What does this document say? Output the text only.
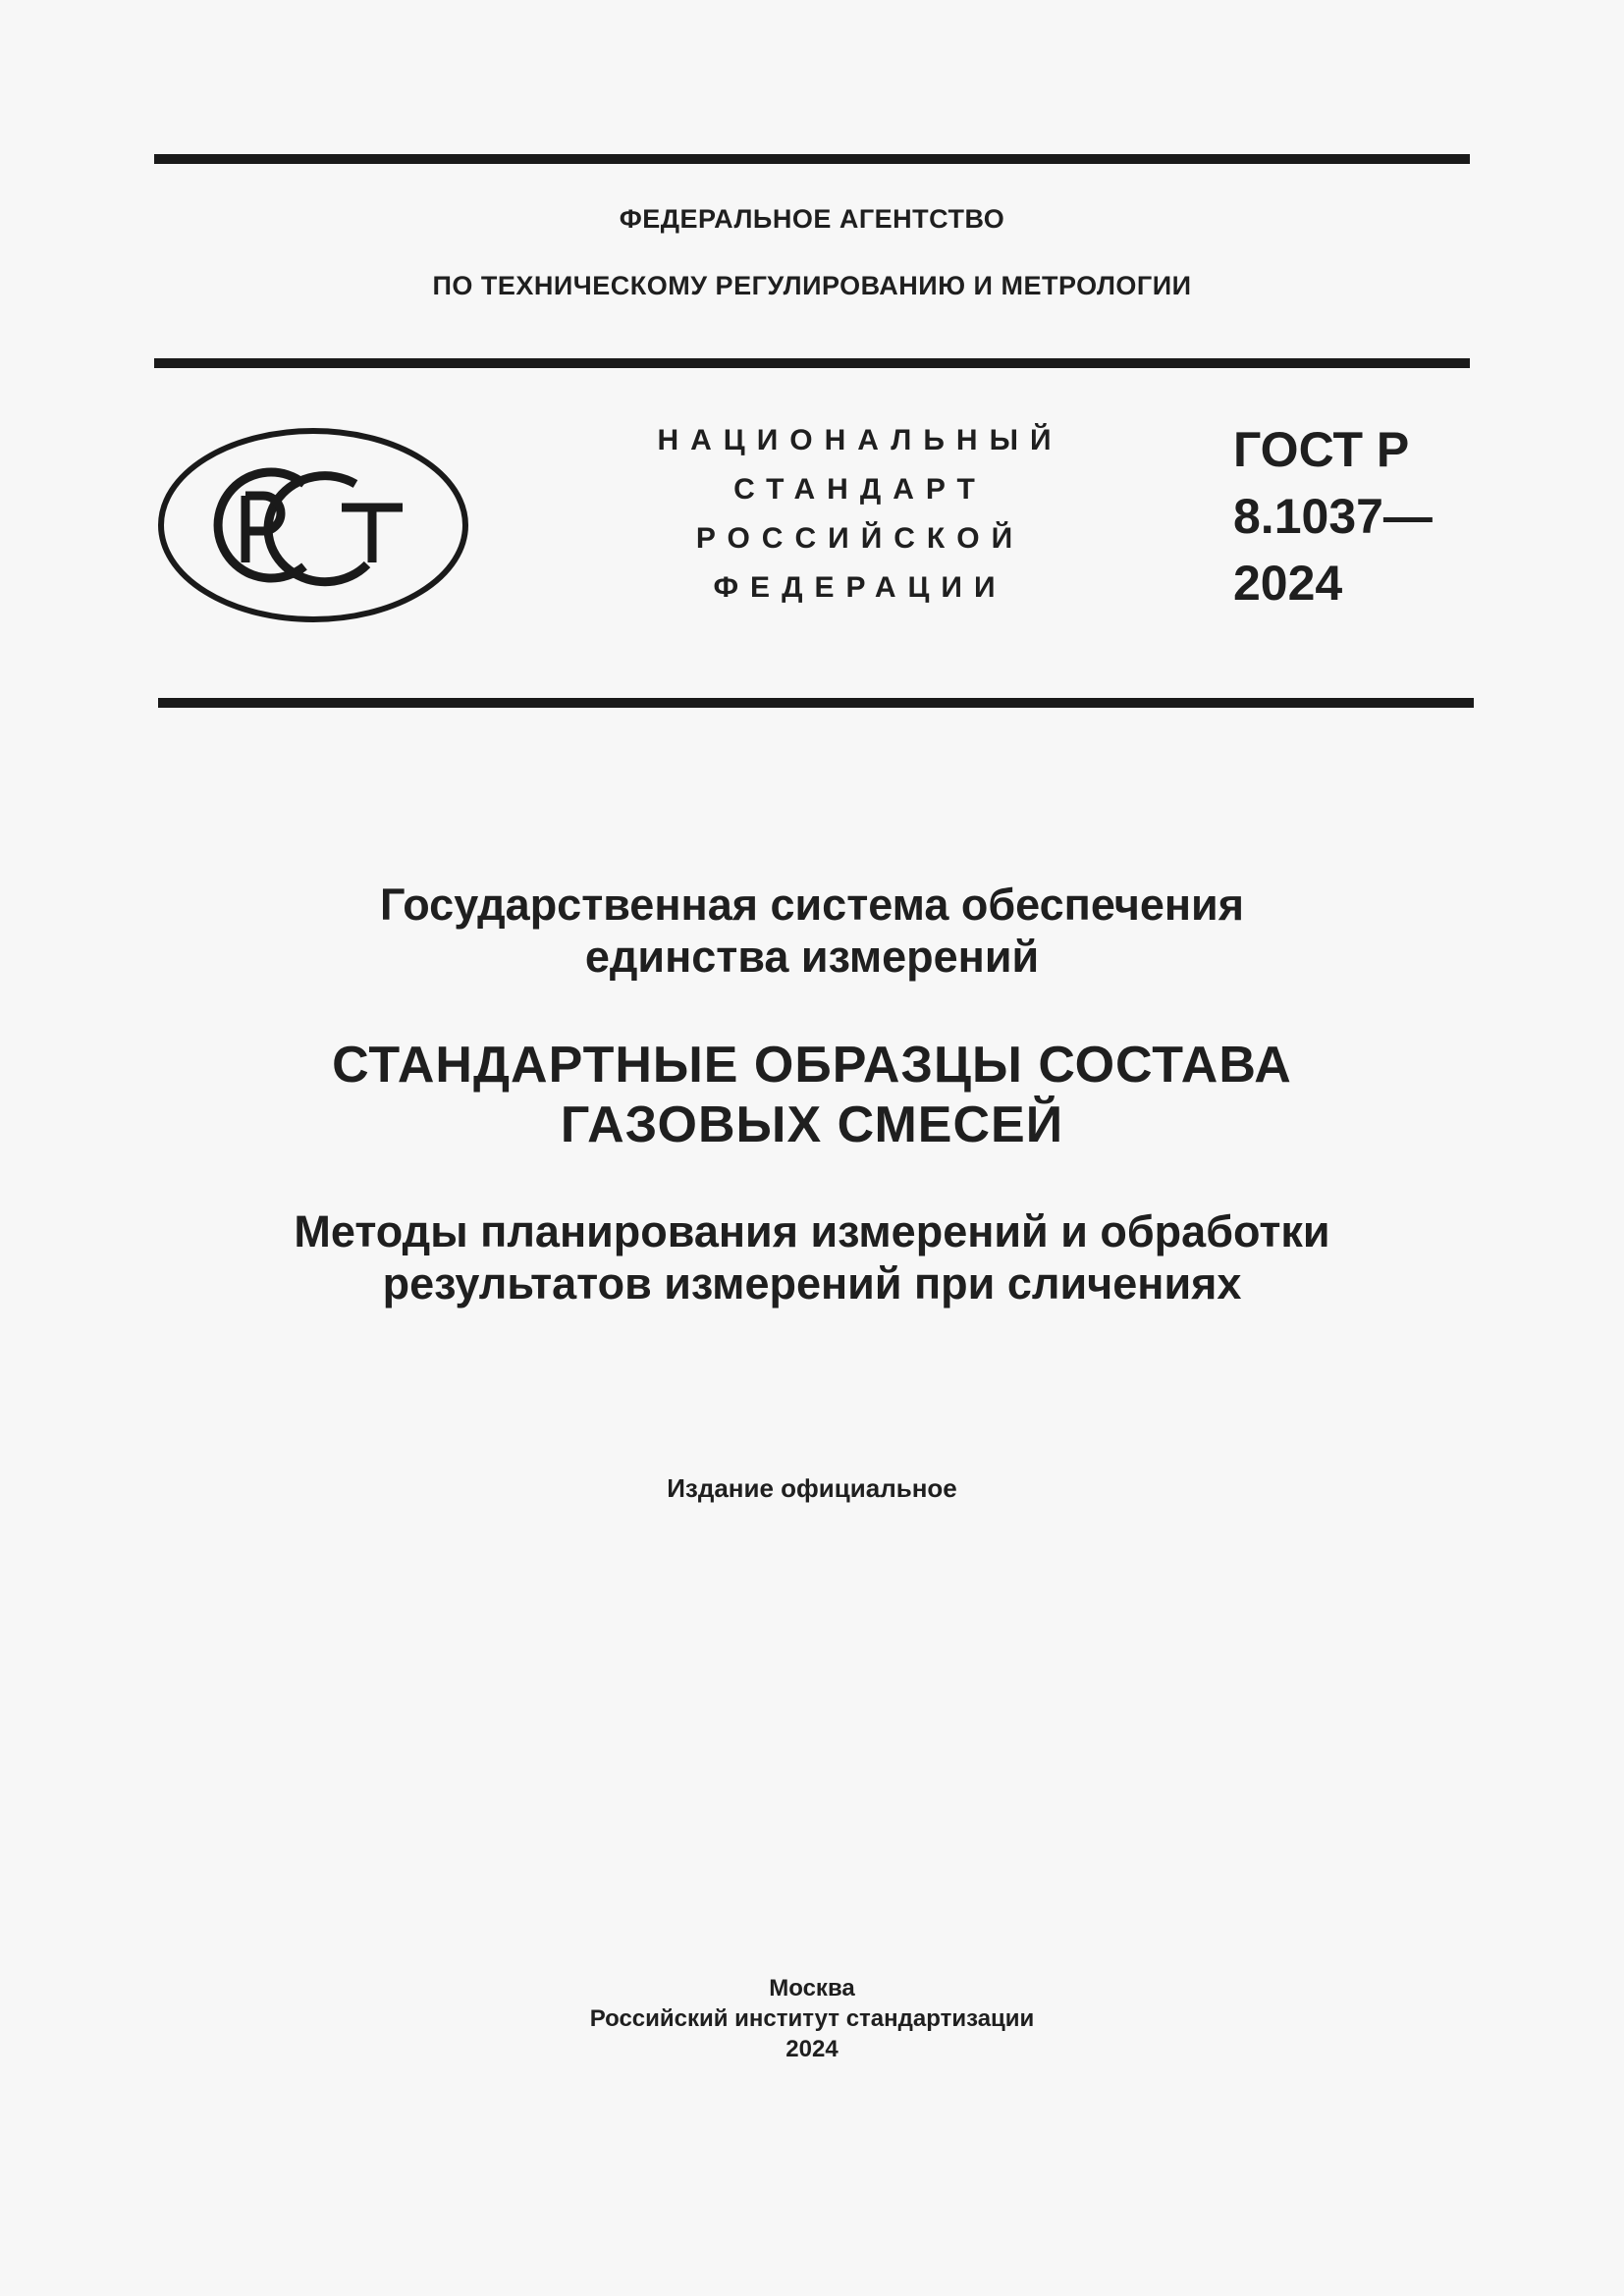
ФЕДЕРАЛЬНОЕ АГЕНТСТВО
ПО ТЕХНИЧЕСКОМУ РЕГУЛИРОВАНИЮ И МЕТРОЛОГИИ
НАЦИОНАЛЬНЫЙ
СТАНДАРТ
РОССИЙСКОЙ
ФЕДЕРАЦИИ
ГОСТ Р
8.1037—
2024
Государственная система обеспечения
единства измерений
СТАНДАРТНЫЕ ОБРАЗЦЫ СОСТАВА
ГАЗОВЫХ СМЕСЕЙ
Методы планирования измерений и обработки
результатов измерений при сличениях
Издание официальное
Москва
Российский институт стандартизации
2024
